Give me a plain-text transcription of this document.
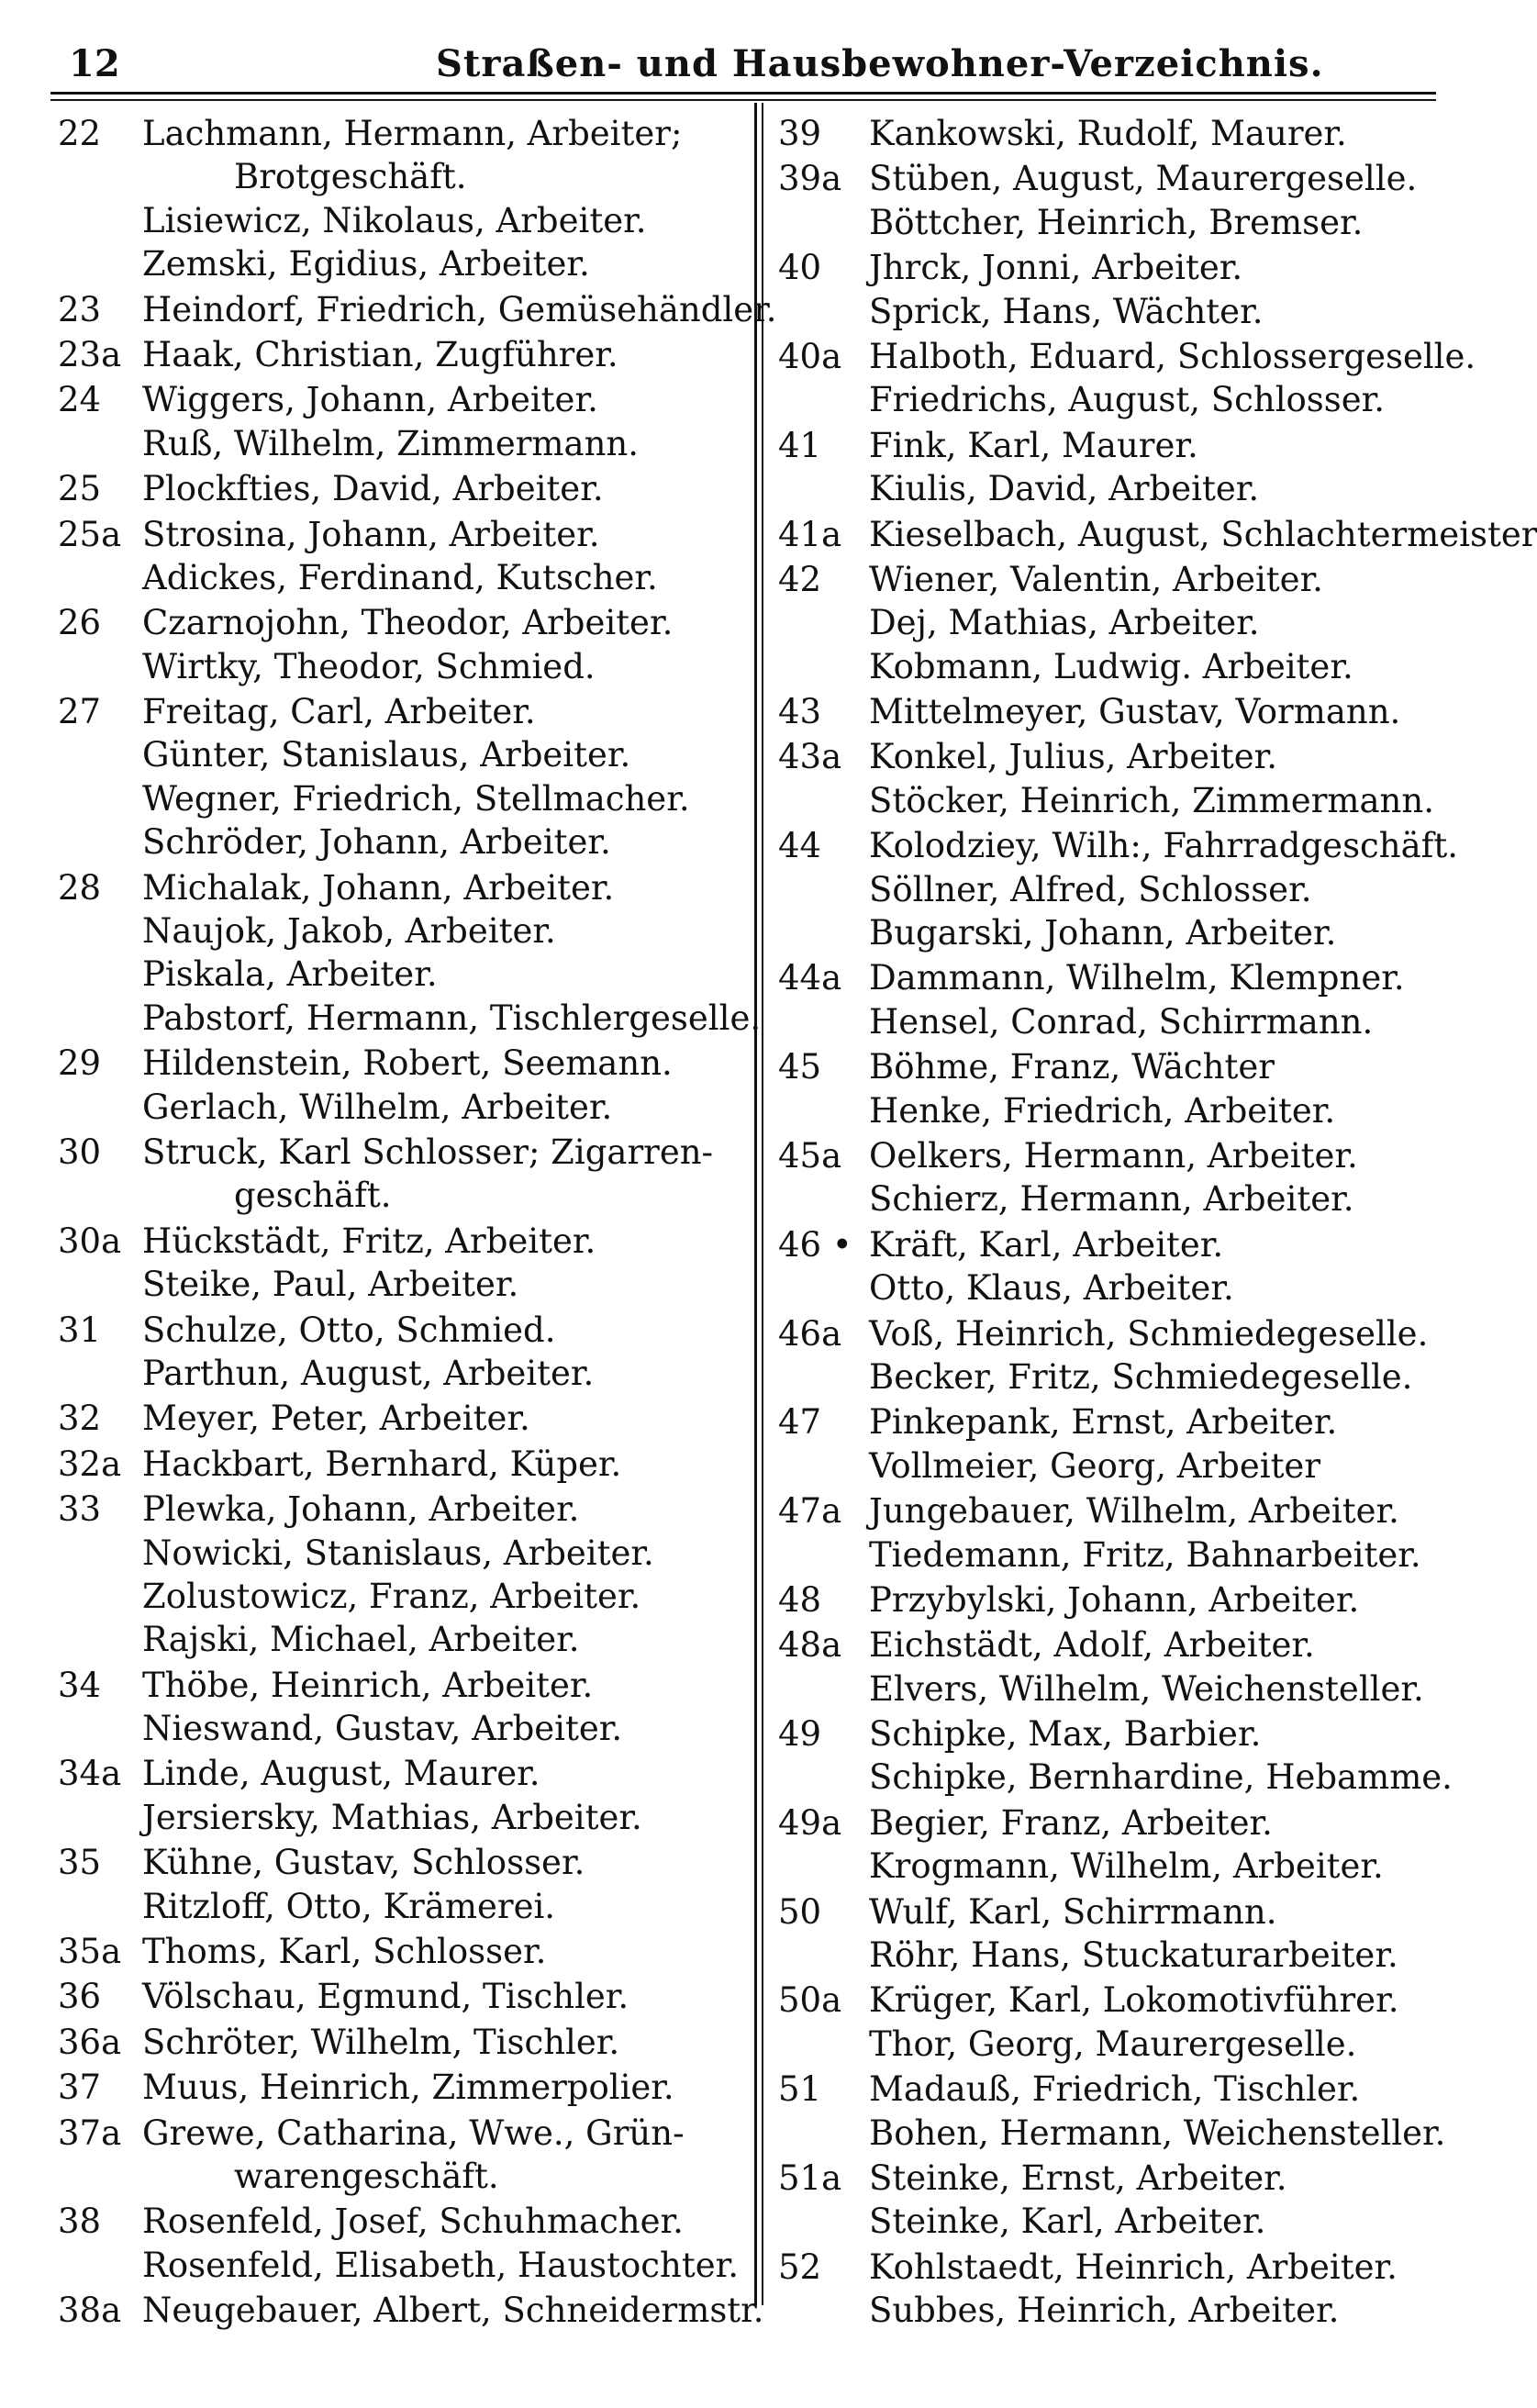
12	Straßen- und Hausbewohner-Verzeichnis.
22 Lachmann, Hermann, Arbeiter;
Brotgeschäft.
Lisiewicz, Nikolaus, Arbeiter.
Zemski, Egidius, Arbeiter.
23 Heindorf, Friedrich, Gemüsehändler.
23a Haak, Christian, Zugführer.
24 Wiggers, Johann, Arbeiter.
Ruß, Wilhelm, Zimmermann.
25 Plockfties, David, Arbeiter.
25a Strosina, Johann, Arbeiter.
Adickes, Ferdinand, Kutscher.
26 Czarnojohn, Theodor, Arbeiter.
Wirtky, Theodor, Schmied.
27 Freitag, Carl, Arbeiter.
Günter, Stanislaus, Arbeiter.
Wegner, Friedrich, Stellmacher.
Schröder, Johann, Arbeiter.
28 Michalak, Johann, Arbeiter.
Naujok, Jakob, Arbeiter.
Piskala, Arbeiter.
Pabstorf, Hermann, Tischlergeselle.
29 Hildenstein, Robert, Seemann.
Gerlach, Wilhelm, Arbeiter.
30 Struck, Karl Schlosser; Zigarren-
geschäft.
30a Hückstädt, Fritz, Arbeiter.
Steike, Paul, Arbeiter.
31 Schulze, Otto, Schmied.
Parthun, August, Arbeiter.
32 Meyer, Peter, Arbeiter.
32a Hackbart, Bernhard, Küper.
33 Plewka, Johann, Arbeiter.
Nowicki, Stanislaus, Arbeiter.
Zolustowicz, Franz, Arbeiter.
Rajski, Michael, Arbeiter.
34 Thöbe, Heinrich, Arbeiter.
Nieswand, Gustav, Arbeiter.
34a Linde, August, Maurer.
Jersiersky, Mathias, Arbeiter.
35 Kühne, Gustav, Schlosser.
Ritzloff, Otto, Krämerei.
35a Thoms, Karl, Schlosser.
36 Völschau, Egmund, Tischler.
36a Schröter, Wilhelm, Tischler.
37 Muus, Heinrich, Zimmerpolier.
37a Grewe, Catharina, Wwe., Grün-
warengeschäft.
38 Rosenfeld, Josef, Schuhmacher.
Rosenfeld, Elisabeth, Haustochter.
38a Neugebauer, Albert, Schneidermstr.
39 Kankowski, Rudolf, Maurer.
39a Stüben, August, Maurergeselle.
Böttcher, Heinrich, Bremser.
40 Jhrck, Jonni, Arbeiter.
Sprick, Hans, Wächter.
40a Halboth, Eduard, Schlossergeselle.
Friedrichs, August, Schlosser.
41 Fink, Karl, Maurer.
Kiulis, David, Arbeiter.
41a Kieselbach, August, Schlachtermeister
42 Wiener, Valentin, Arbeiter.
Dej, Mathias, Arbeiter.
Kobmann, Ludwig. Arbeiter.
43 Mittelmeyer, Gustav, Vormann.
43a Konkel, Julius, Arbeiter.
Stöcker, Heinrich, Zimmermann.
44 Kolodziey, Wilh:, Fahrradgeschäft.
Söllner, Alfred, Schlosser.
Bugarski, Johann, Arbeiter.
44a Dammann, Wilhelm, Klempner.
Hensel, Conrad, Schirrmann.
45 Böhme, Franz, Wächter
Henke, Friedrich, Arbeiter.
45a Oelkers, Hermann, Arbeiter.
Schierz, Hermann, Arbeiter.
46 • Kräft, Karl, Arbeiter.
Otto, Klaus, Arbeiter.
46a Voß, Heinrich, Schmiedegeselle.
Becker, Fritz, Schmiedegeselle.
47 Pinkepank, Ernst, Arbeiter.
Vollmeier, Georg, Arbeiter
47a Jungebauer, Wilhelm, Arbeiter.
Tiedemann, Fritz, Bahnarbeiter.
48 Przybylski, Johann, Arbeiter.
48a Eichstädt, Adolf, Arbeiter.
Elvers, Wilhelm, Weichensteller.
49 Schipke, Max, Barbier.
Schipke, Bernhardine, Hebamme.
49a Begier, Franz, Arbeiter.
Krogmann, Wilhelm, Arbeiter.
50 Wulf, Karl, Schirrmann.
Röhr, Hans, Stuckaturarbeiter.
50a Krüger, Karl, Lokomotivführer.
Thor, Georg, Maurergeselle.
51 Madauß, Friedrich, Tischler.
Bohen, Hermann, Weichensteller.
51a Steinke, Ernst, Arbeiter.
Steinke, Karl, Arbeiter.
52 Kohlstaedt, Heinrich, Arbeiter.
Subbes, Heinrich, Arbeiter.
